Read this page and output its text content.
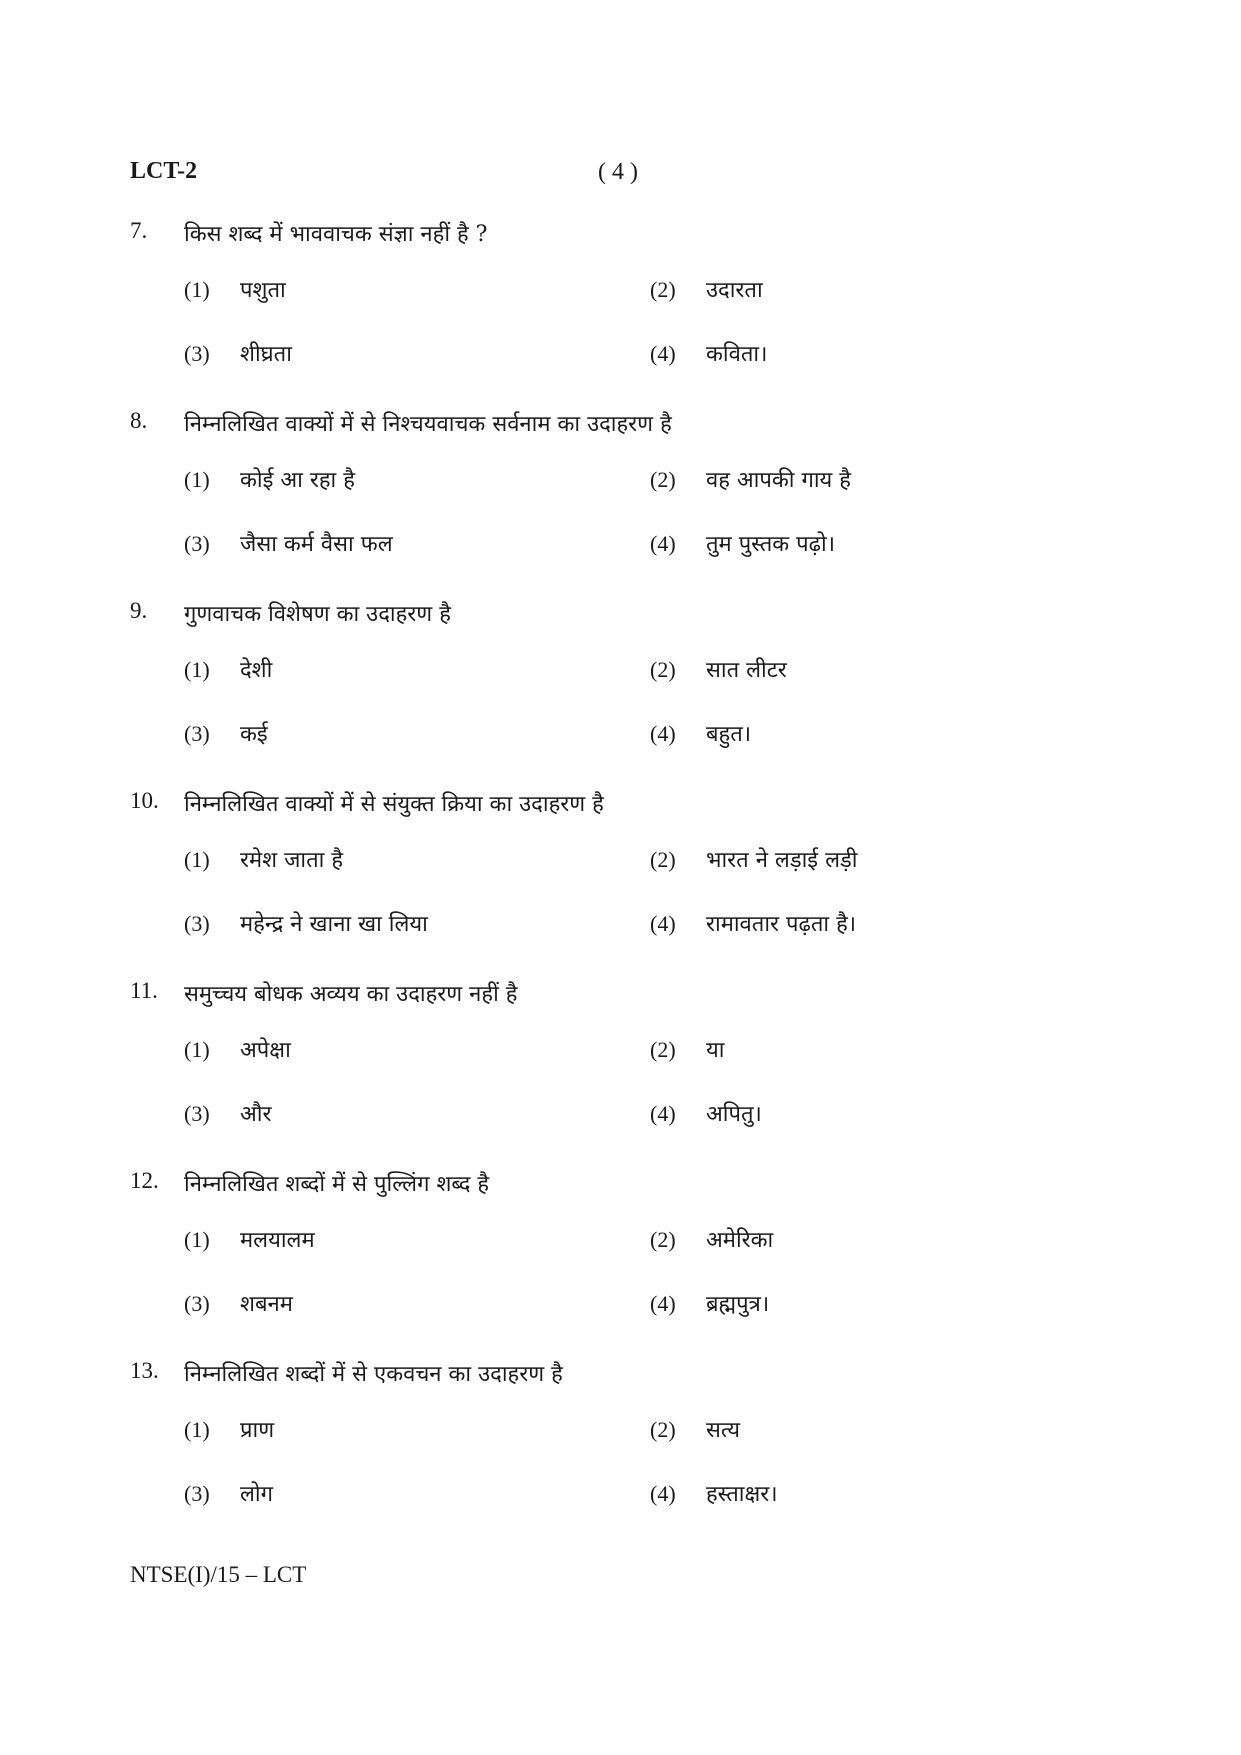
LCT-2	( 4 )
7. किस शब्द में भाववाचक संज्ञा नहीं है ?
(1) पशुता	(2) उदारता
(3) शीघ्रता	(4) कविता।
8. निम्नलिखित वाक्यों में से निश्चयवाचक सर्वनाम का उदाहरण है
(1) कोई आ रहा है	(2) वह आपकी गाय है
(3) जैसा कर्म वैसा फल	(4) तुम पुस्तक पढ़ो।
9. गुणवाचक विशेषण का उदाहरण है
(1) देशी	(2) सात लीटर
(3) कई	(4) बहुत।
10. निम्नलिखित वाक्यों में से संयुक्त क्रिया का उदाहरण है
(1) रमेश जाता है	(2) भारत ने लड़ाई लड़ी
(3) महेन्द्र ने खाना खा लिया	(4) रामावतार पढ़ता है।
11. समुच्चय बोधक अव्यय का उदाहरण नहीं है
(1) अपेक्षा	(2) या
(3) और	(4) अपितु।
12. निम्नलिखित शब्दों में से पुल्लिंग शब्द है
(1) मलयालम	(2) अमेरिका
(3) शबनम	(4) ब्रह्मपुत्र।
13. निम्नलिखित शब्दों में से एकवचन का उदाहरण है
(1) प्राण	(2) सत्य
(3) लोग	(4) हस्ताक्षर।
NTSE(I)/15 – LCT
